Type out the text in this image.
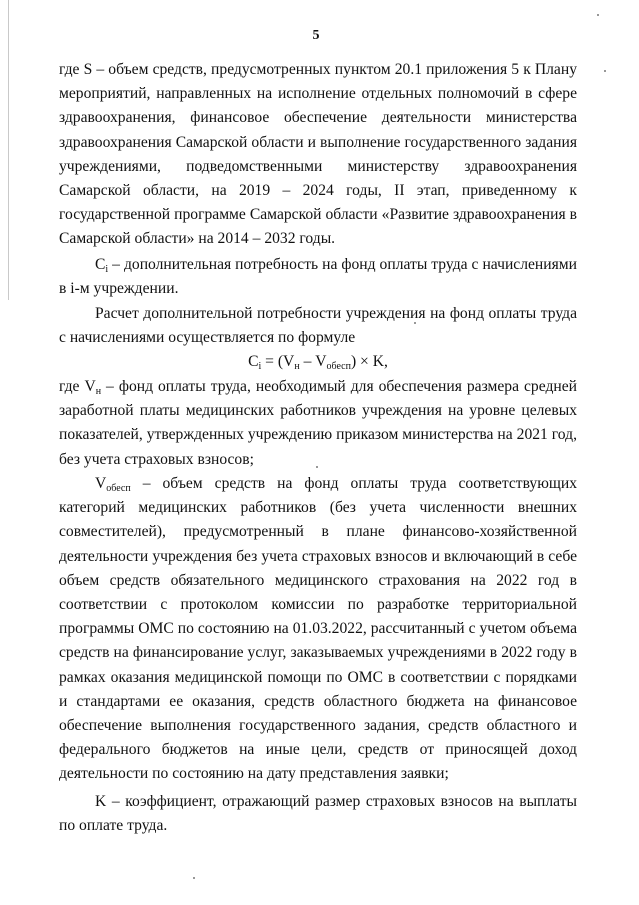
5

где S – объем средств, предусмотренных пунктом 20.1 приложения 5 к Плану мероприятий, направленных на исполнение отдельных полномочий в сфере здравоохранения, финансовое обеспечение деятельности министерства здравоохранения Самарской области и выполнение государственного задания учреждениями, подведомственными министерству здравоохранения Самарской области, на 2019 – 2024 годы, II этап, приведенному к государственной программе Самарской области «Развитие здравоохранения в Самарской области» на 2014 – 2032 годы.

$C_i$ – дополнительная потребность на фонд оплаты труда с начислениями в i-м учреждении.

Расчет дополнительной потребности учреждения на фонд оплаты труда с начислениями осуществляется по формуле

$C_i = (V_н - V_{обесп}) \times K$,

где $V_н$ – фонд оплаты труда, необходимый для обеспечения размера средней заработной платы медицинских работников учреждения на уровне целевых показателей, утвержденных учреждению приказом министерства на 2021 год, без учета страховых взносов;

$V_{обесп}$ – объем средств на фонд оплаты труда соответствующих категорий медицинских работников (без учета численности внешних совместителей), предусмотренный в плане финансово-хозяйственной деятельности учреждения без учета страховых взносов и включающий в себе объем средств обязательного медицинского страхования на 2022 год в соответствии с протоколом комиссии по разработке территориальной программы ОМС по состоянию на 01.03.2022, рассчитанный с учетом объема средств на финансирование услуг, заказываемых учреждениями в 2022 году в рамках оказания медицинской помощи по ОМС в соответствии с порядками и стандартами ее оказания, средств областного бюджета на финансовое обеспечение выполнения государственного задания, средств областного и федерального бюджетов на иные цели, средств от приносящей доход деятельности по состоянию на дату представления заявки;

K – коэффициент, отражающий размер страховых взносов на выплаты по оплате труда.
